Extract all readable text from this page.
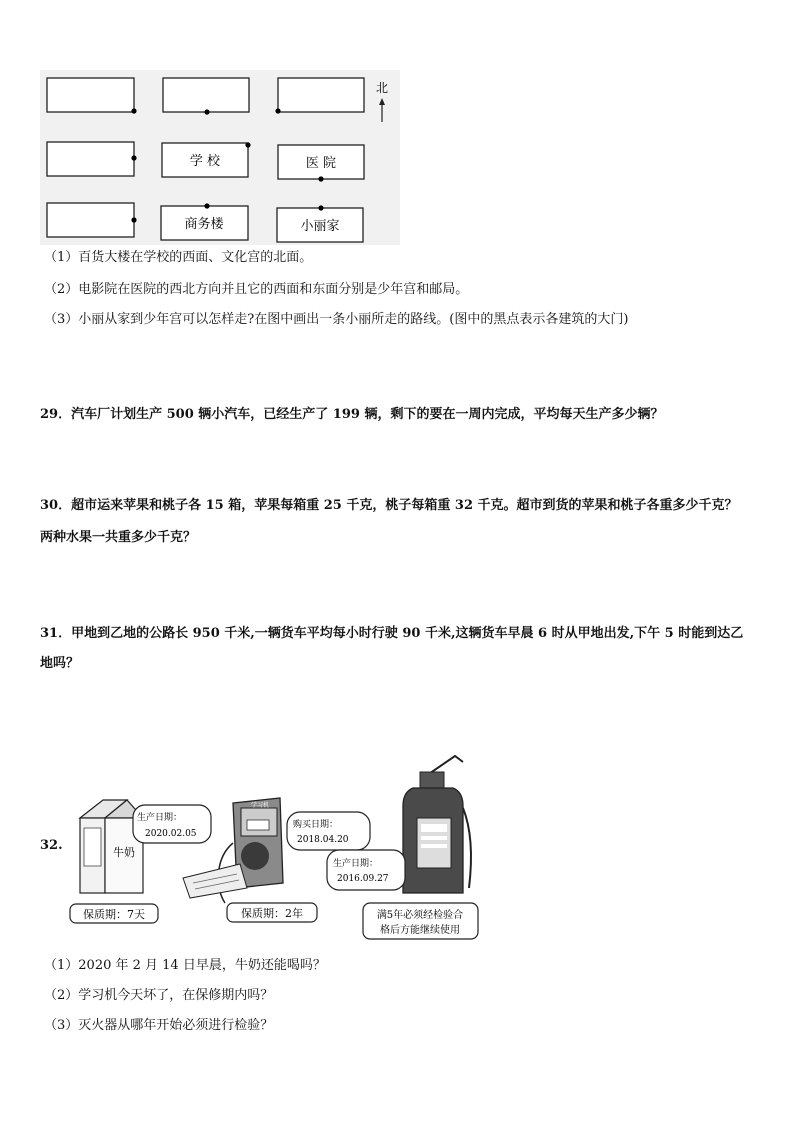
学 校	医 院
商务楼	小丽家
北
（1）百货大楼在学校的西面、文化宫的北面。
（2）电影院在医院的西北方向并且它的西面和东面分别是少年宫和邮局。
（3）小丽从家到少年宫可以怎样走?在图中画出一条小丽所走的路线。(图中的黑点表示各建筑的大门)
29．汽车厂计划生产 500 辆小汽车，已经生产了 199 辆，剩下的要在一周内完成，平均每天生产多少辆？
30．超市运来苹果和桃子各 15 箱，苹果每箱重 25 千克，桃子每箱重 32 千克。超市到货的苹果和桃子各重多少千克？
两种水果一共重多少千克？
31．甲地到乙地的公路长 950 千米,一辆货车平均每小时行驶 90 千米,这辆货车早晨 6 时从甲地出发,下午 5 时能到达乙
地吗？
32.	牛奶
生产日期：
2020.02.05
保质期：7天
学习机
购买日期：
2018.04.20
保质期：2年
生产日期：
2016.09.27
满5年必须经检验合
格后方能继续使用
（1）2020 年 2 月 14 日早晨，牛奶还能喝吗？
（2）学习机今天坏了，在保修期内吗？
（3）灭火器从哪年开始必须进行检验？
